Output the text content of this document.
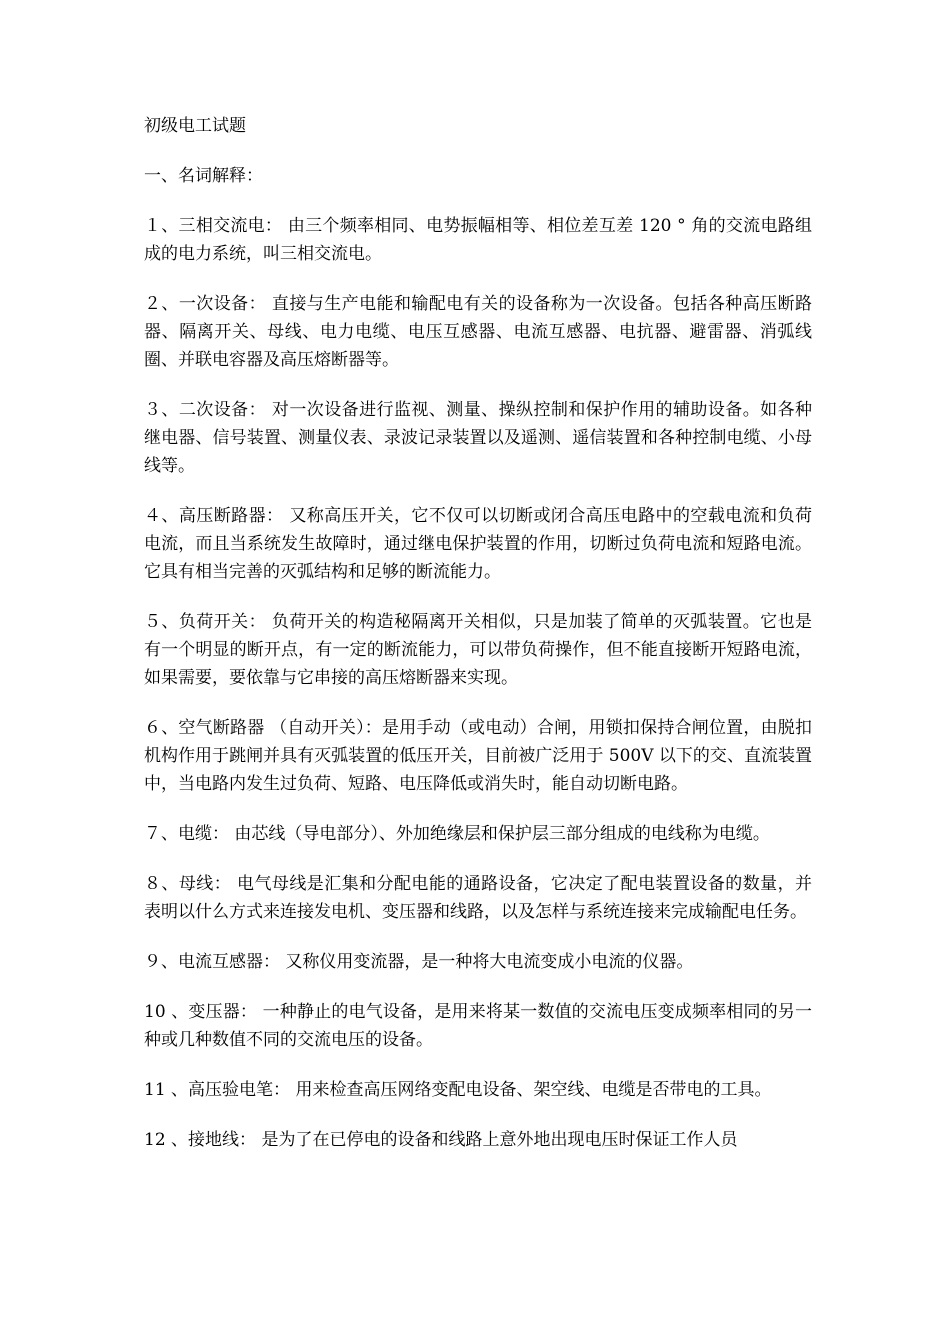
初级电工试题
一、名词解释：

１、三相交流电： 由三个频率相同、电势振幅相等、相位差互差 120 ° 角的交流电路组成的电力系统，叫三相交流电。

２、一次设备： 直接与生产电能和输配电有关的设备称为一次设备。包括各种高压断路器、隔离开关、母线、电力电缆、电压互感器、电流互感器、电抗器、避雷器、消弧线圈、并联电容器及高压熔断器等。

３、二次设备： 对一次设备进行监视、测量、操纵控制和保护作用的辅助设备。如各种继电器、信号装置、测量仪表、录波记录装置以及遥测、遥信装置和各种控制电缆、小母线等。

４、高压断路器： 又称高压开关，它不仅可以切断或闭合高压电路中的空载电流和负荷电流，而且当系统发生故障时，通过继电保护装置的作用，切断过负荷电流和短路电流。它具有相当完善的灭弧结构和足够的断流能力。

５、负荷开关： 负荷开关的构造秘隔离开关相似，只是加装了简单的灭弧装置。它也是有一个明显的断开点，有一定的断流能力，可以带负荷操作，但不能直接断开短路电流，如果需要，要依靠与它串接的高压熔断器来实现。

６、空气断路器 （自动开关）：是用手动（或电动）合闸，用锁扣保持合闸位置，由脱扣机构作用于跳闸并具有灭弧装置的低压开关，目前被广泛用于 500V 以下的交、直流装置中，当电路内发生过负荷、短路、电压降低或消失时，能自动切断电路。

７、电缆： 由芯线（导电部分）、外加绝缘层和保护层三部分组成的电线称为电缆。

８、母线： 电气母线是汇集和分配电能的通路设备，它决定了配电装置设备的数量，并表明以什么方式来连接发电机、变压器和线路，以及怎样与系统连接来完成输配电任务。

９、电流互感器： 又称仪用变流器，是一种将大电流变成小电流的仪器。

10 、变压器： 一种静止的电气设备，是用来将某一数值的交流电压变成频率相同的另一种或几种数值不同的交流电压的设备。

11 、高压验电笔： 用来检查高压网络变配电设备、架空线、电缆是否带电的工具。

12 、接地线： 是为了在已停电的设备和线路上意外地出现电压时保证工作人员
